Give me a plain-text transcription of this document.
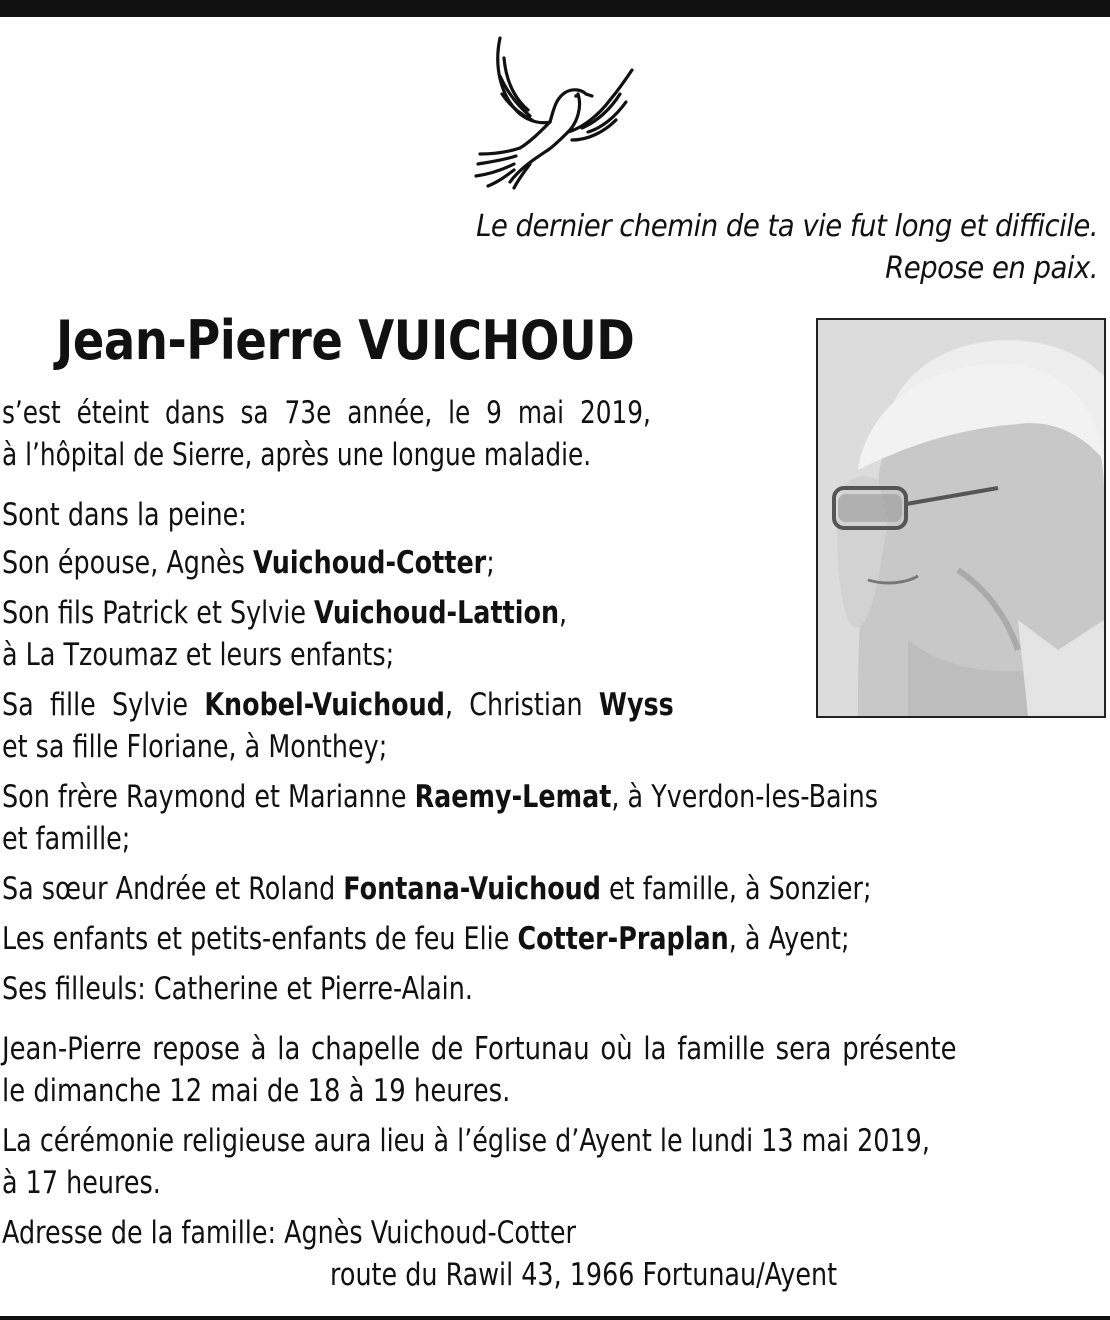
Le dernier chemin de ta vie fut long et difficile.
Repose en paix.
Jean-Pierre VUICHOUD
s’est éteint dans sa 73e année, le 9 mai 2019,
à l’hôpital de Sierre, après une longue maladie.
Sont dans la peine:
Son épouse, Agnès Vuichoud-Cotter;
Son fils Patrick et Sylvie Vuichoud-Lattion,
à La Tzoumaz et leurs enfants;
Sa fille Sylvie Knobel-Vuichoud, Christian Wyss
et sa fille Floriane, à Monthey;
Son frère Raymond et Marianne Raemy-Lemat, à Yverdon-les-Bains
et famille;
Sa sœur Andrée et Roland Fontana-Vuichoud et famille, à Sonzier;
Les enfants et petits-enfants de feu Elie Cotter-Praplan, à Ayent;
Ses filleuls: Catherine et Pierre-Alain.
Jean-Pierre repose à la chapelle de Fortunau où la famille sera présente
le dimanche 12 mai de 18 à 19 heures.
La cérémonie religieuse aura lieu à l’église d’Ayent le lundi 13 mai 2019,
à 17 heures.
Adresse de la famille: Agnès Vuichoud-Cotter
route du Rawil 43, 1966 Fortunau/Ayent
